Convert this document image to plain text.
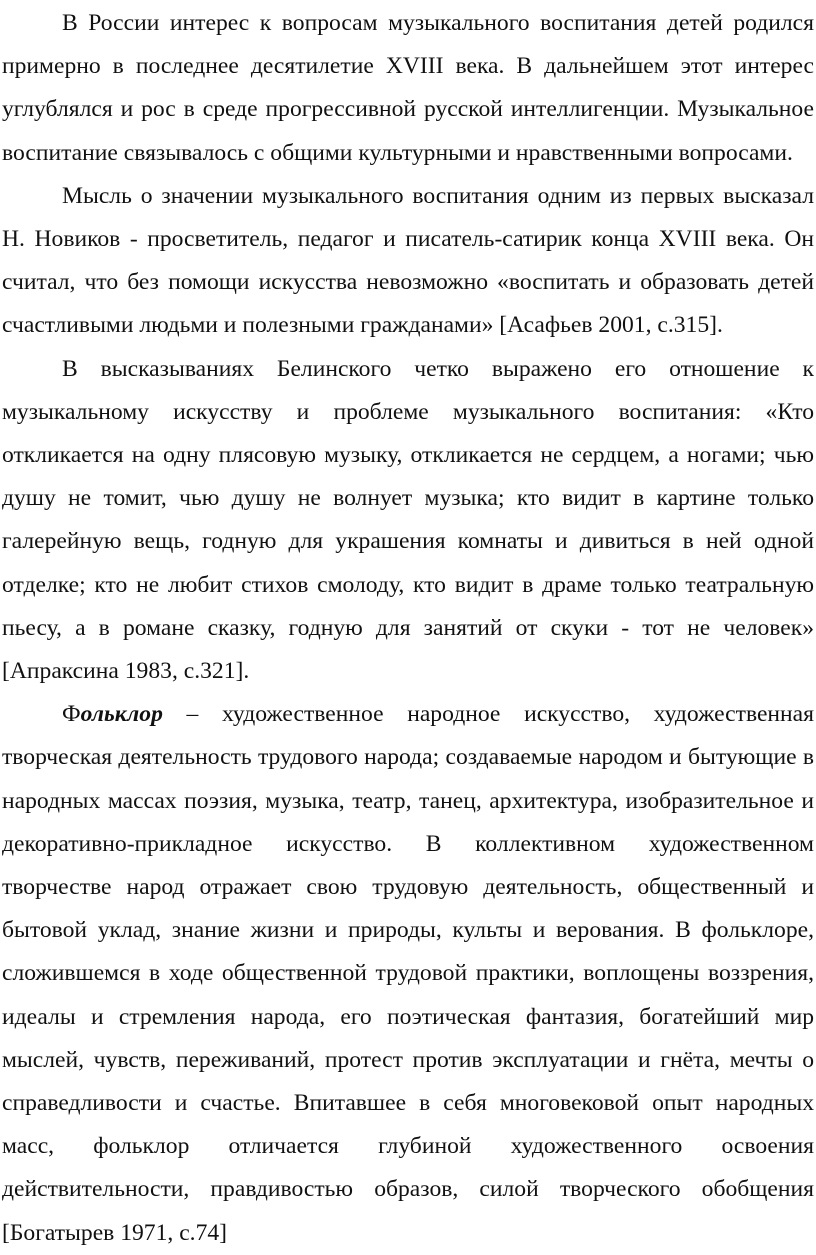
В России интерес к вопросам музыкального воспитания детей родился примерно в последнее десятилетие XVIII века. В дальнейшем этот интерес углублялся и рос в среде прогрессивной русской интеллигенции. Музыкальное воспитание связывалось с общими культурными и нравственными вопросами.

Мысль о значении музыкального воспитания одним из первых высказал Н. Новиков - просветитель, педагог и писатель-сатирик конца XVIII века. Он считал, что без помощи искусства невозможно «воспитать и образовать детей счастливыми людьми и полезными гражданами» [Асафьев 2001, с.315].

В высказываниях Белинского четко выражено его отношение к музыкальному искусству и проблеме музыкального воспитания: «Кто откликается на одну плясовую музыку, откликается не сердцем, а ногами; чью душу не томит, чью душу не волнует музыка; кто видит в картине только галерейную вещь, годную для украшения комнаты и дивиться в ней одной отделке; кто не любит стихов смолоду, кто видит в драме только театральную пьесу, а в романе сказку, годную для занятий от скуки - тот не человек» [Апраксина 1983, с.321].

Фольклор – художественное народное искусство, художественная творческая деятельность трудового народа; создаваемые народом и бытующие в народных массах поэзия, музыка, театр, танец, архитектура, изобразительное и декоративно-прикладное искусство. В коллективном художественном творчестве народ отражает свою трудовую деятельность, общественный и бытовой уклад, знание жизни и природы, культы и верования. В фольклоре, сложившемся в ходе общественной трудовой практики, воплощены воззрения, идеалы и стремления народа, его поэтическая фантазия, богатейший мир мыслей, чувств, переживаний, протест против эксплуатации и гнёта, мечты о справедливости и счастье. Впитавшее в себя многовековой опыт народных масс, фольклор отличается глубиной художественного освоения действительности, правдивостью образов, силой творческого обобщения [Богатырев 1971, с.74]
